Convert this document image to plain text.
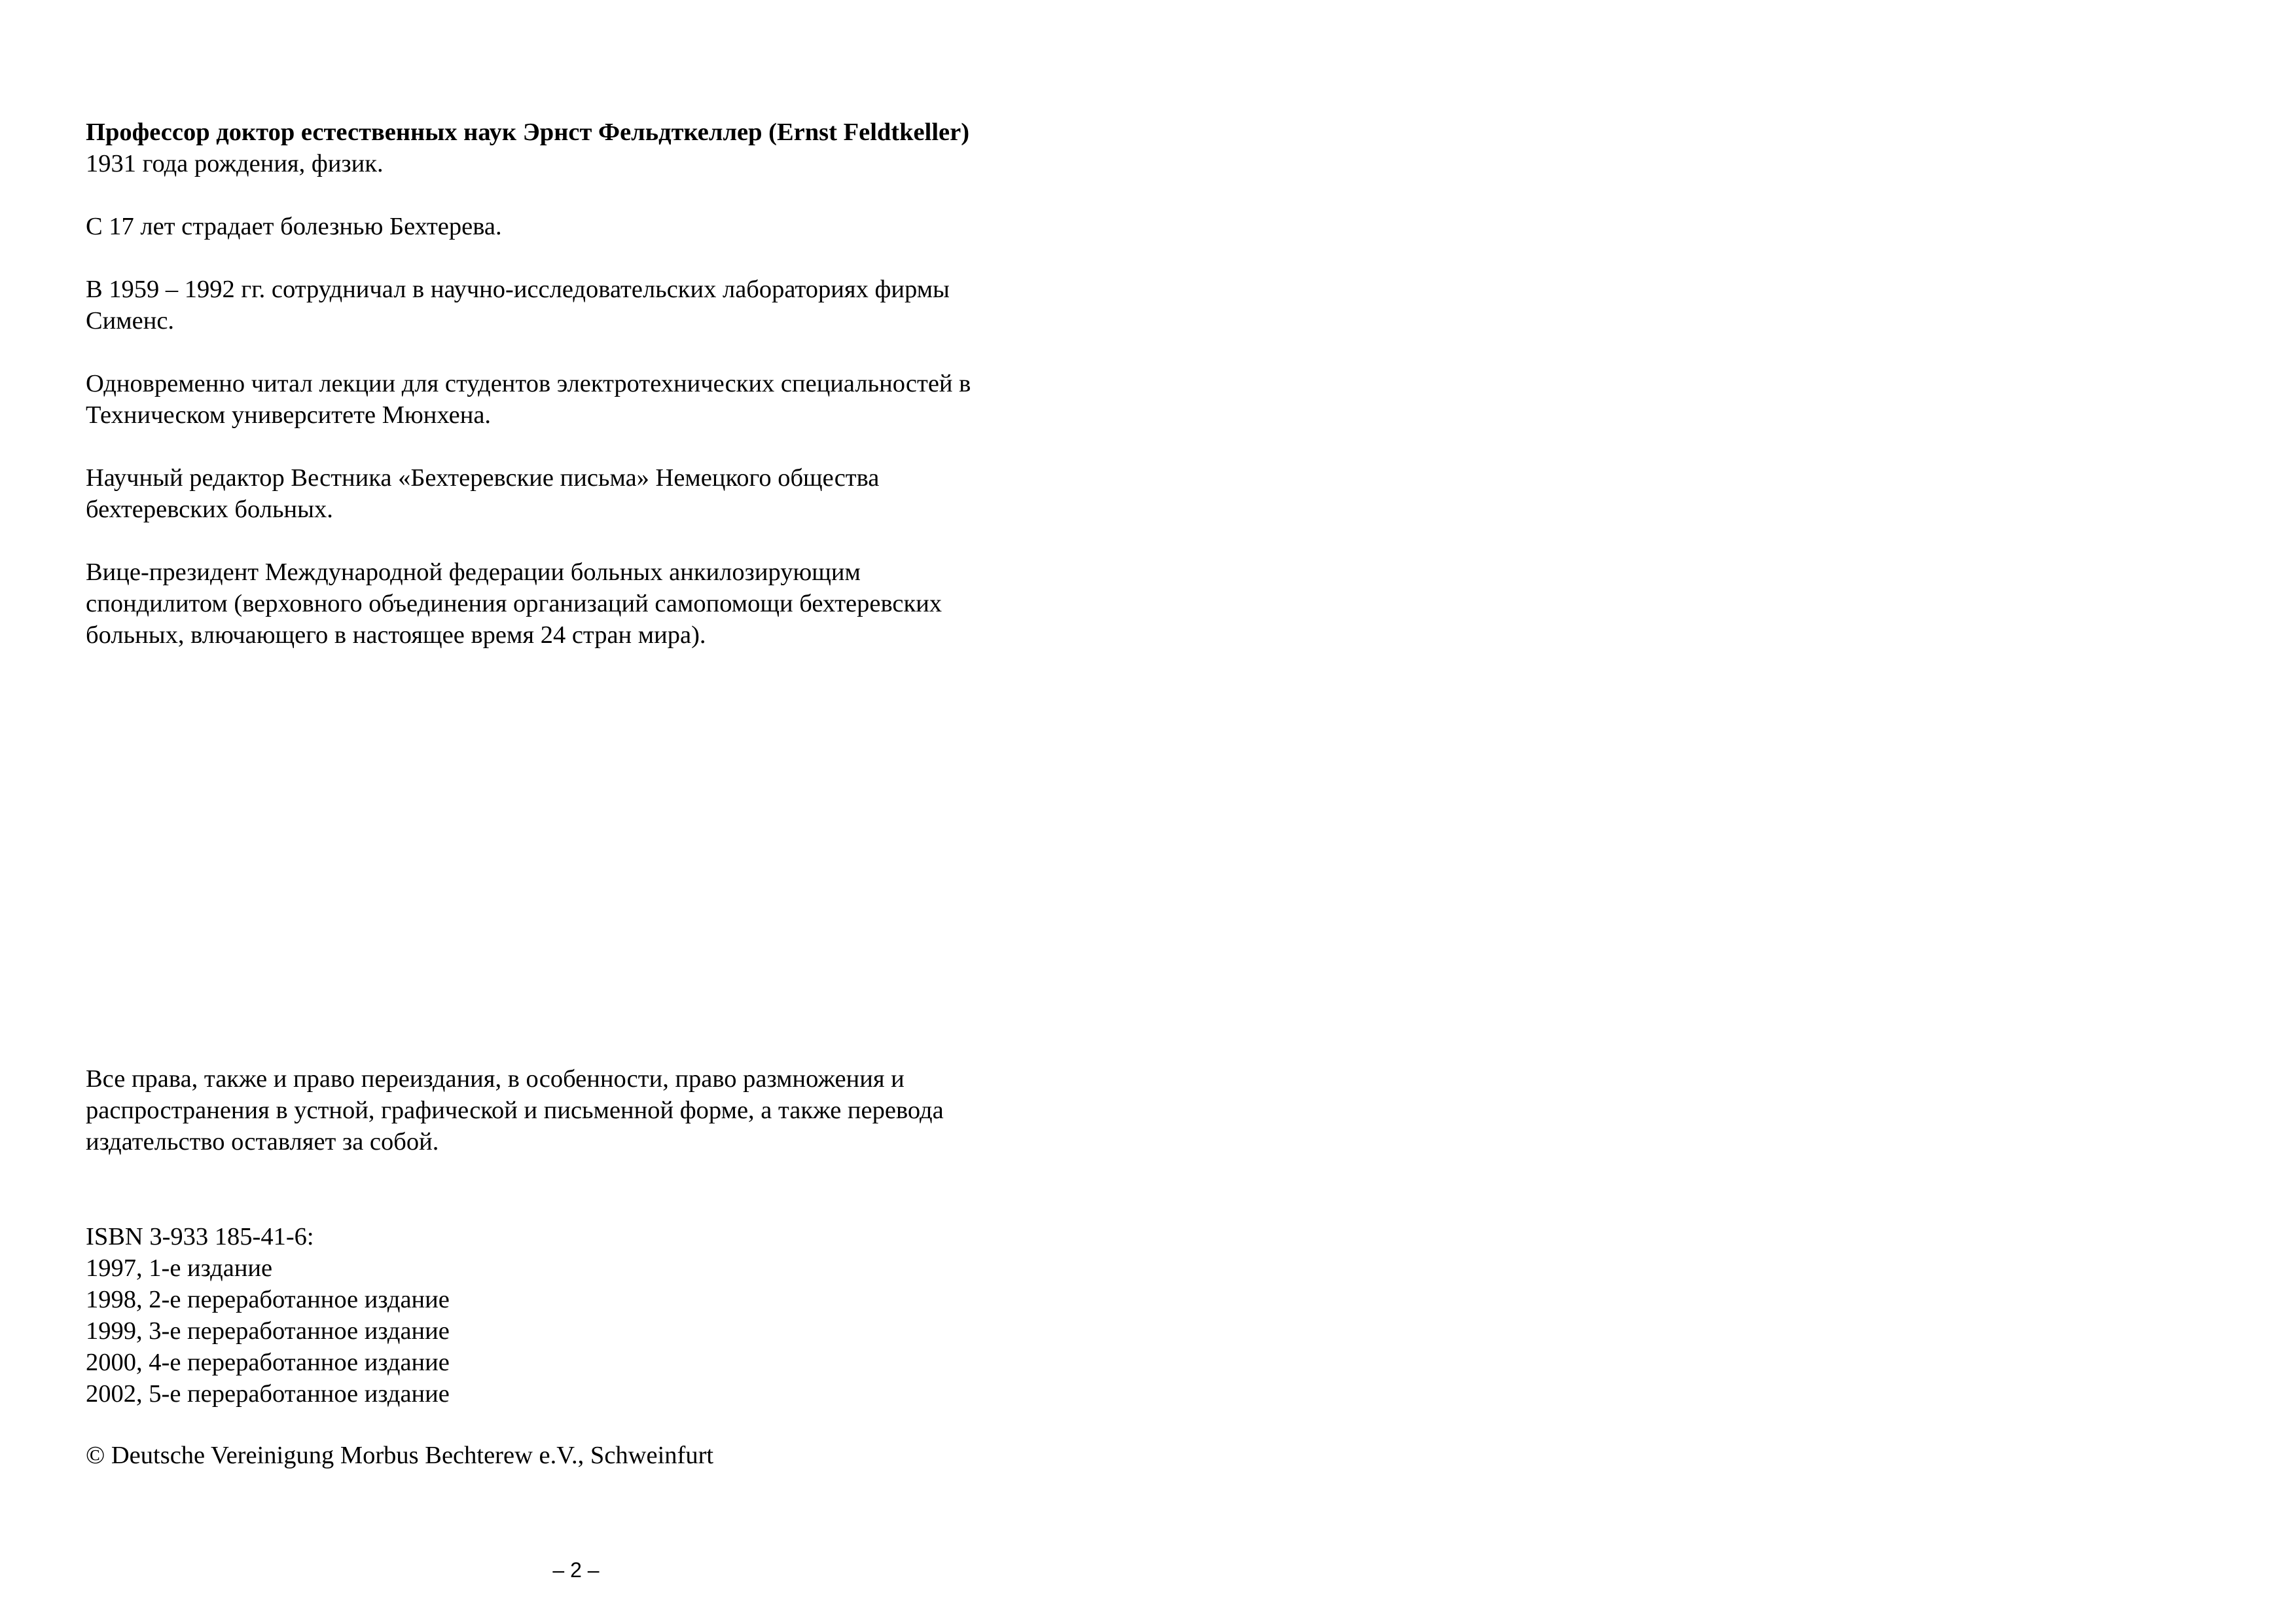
Профессор доктор естественных наук Эрнст Фельдткеллер (Ernst Feldtkeller)

1931 года рождения, физик.

С 17 лет страдает болезнью Бехтерева.

В 1959 – 1992 гг. сотрудничал в научно-исследовательских лабораториях фирмы

Сименс.

Одновременно читал лекции для студентов электротехнических специальностей в

Техническом университете Мюнхена.

Научный редактор Вестника «Бехтеревские письма» Немецкого общества

бехтеревских больных.

Вице-президент Международной федерации больных анкилозирующим

спондилитом (верховного объединения организаций самопомощи бехтеревских

больных, влючающего в настоящее время 24 стран мира).

Все права, также и право переиздания, в особенности, право размножения и

распространения в устной, графической и письменной форме, а также перевода

издательство оставляет за собой.

ISBN 3-933 185-41-6:

1997, 1-е издание

1998, 2-е переработанное издание

1999, 3-е переработанное издание

2000, 4-е переработанное издание

2002, 5-е переработанное издание

© Deutsche Vereinigung Morbus Bechterew e.V., Schweinfurt

– 2 –
